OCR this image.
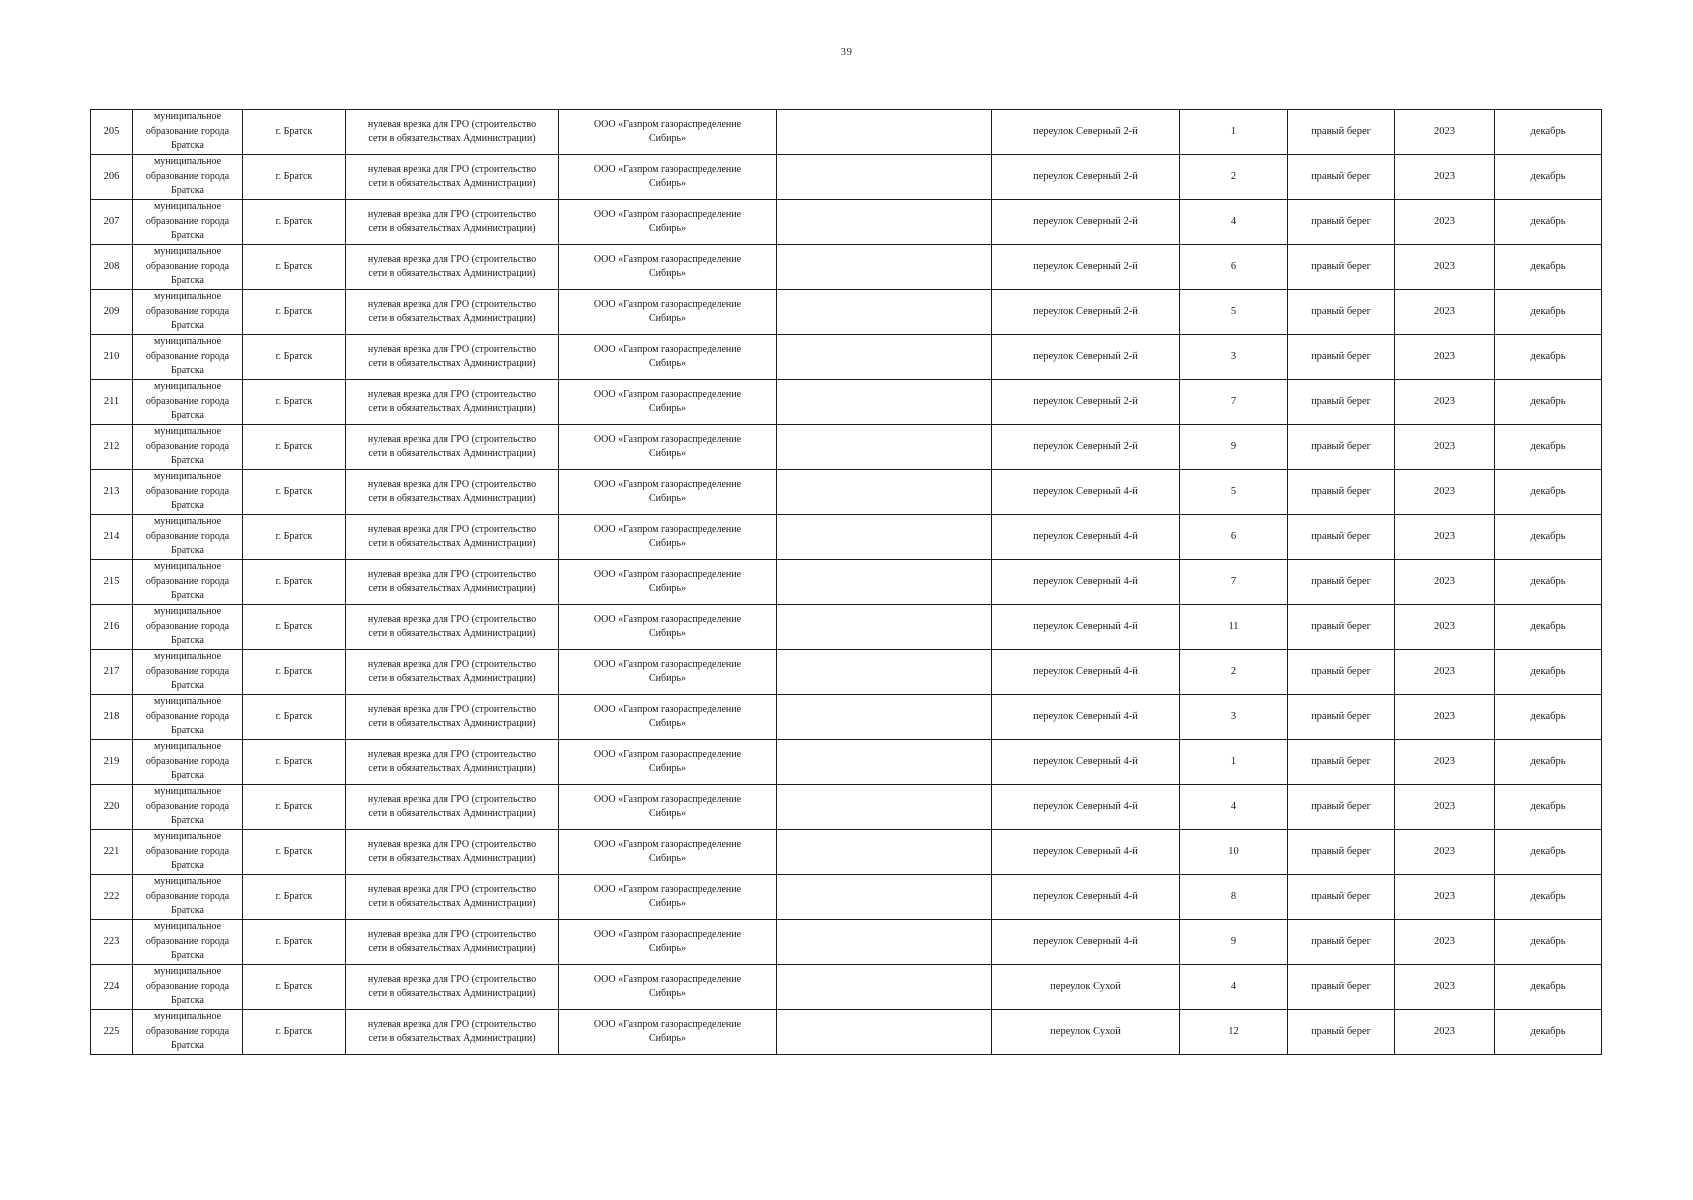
39
205	муниципальное
образование города
Братска	г. Братск	нулевая врезка для ГРО (строительство
сети в обязательствах Администрации)	ООО «Газпром газораспределение
Сибирь»		переулок Северный 2-й	1	правый берег	2023	декабрь
206	муниципальное
образование города
Братска	г. Братск	нулевая врезка для ГРО (строительство
сети в обязательствах Администрации)	ООО «Газпром газораспределение
Сибирь»		переулок Северный 2-й	2	правый берег	2023	декабрь
207	муниципальное
образование города
Братска	г. Братск	нулевая врезка для ГРО (строительство
сети в обязательствах Администрации)	ООО «Газпром газораспределение
Сибирь»		переулок Северный 2-й	4	правый берег	2023	декабрь
208	муниципальное
образование города
Братска	г. Братск	нулевая врезка для ГРО (строительство
сети в обязательствах Администрации)	ООО «Газпром газораспределение
Сибирь»		переулок Северный 2-й	6	правый берег	2023	декабрь
209	муниципальное
образование города
Братска	г. Братск	нулевая врезка для ГРО (строительство
сети в обязательствах Администрации)	ООО «Газпром газораспределение
Сибирь»		переулок Северный 2-й	5	правый берег	2023	декабрь
210	муниципальное
образование города
Братска	г. Братск	нулевая врезка для ГРО (строительство
сети в обязательствах Администрации)	ООО «Газпром газораспределение
Сибирь»		переулок Северный 2-й	3	правый берег	2023	декабрь
211	муниципальное
образование города
Братска	г. Братск	нулевая врезка для ГРО (строительство
сети в обязательствах Администрации)	ООО «Газпром газораспределение
Сибирь»		переулок Северный 2-й	7	правый берег	2023	декабрь
212	муниципальное
образование города
Братска	г. Братск	нулевая врезка для ГРО (строительство
сети в обязательствах Администрации)	ООО «Газпром газораспределение
Сибирь»		переулок Северный 2-й	9	правый берег	2023	декабрь
213	муниципальное
образование города
Братска	г. Братск	нулевая врезка для ГРО (строительство
сети в обязательствах Администрации)	ООО «Газпром газораспределение
Сибирь»		переулок Северный 4-й	5	правый берег	2023	декабрь
214	муниципальное
образование города
Братска	г. Братск	нулевая врезка для ГРО (строительство
сети в обязательствах Администрации)	ООО «Газпром газораспределение
Сибирь»		переулок Северный 4-й	6	правый берег	2023	декабрь
215	муниципальное
образование города
Братска	г. Братск	нулевая врезка для ГРО (строительство
сети в обязательствах Администрации)	ООО «Газпром газораспределение
Сибирь»		переулок Северный 4-й	7	правый берег	2023	декабрь
216	муниципальное
образование города
Братска	г. Братск	нулевая врезка для ГРО (строительство
сети в обязательствах Администрации)	ООО «Газпром газораспределение
Сибирь»		переулок Северный 4-й	11	правый берег	2023	декабрь
217	муниципальное
образование города
Братска	г. Братск	нулевая врезка для ГРО (строительство
сети в обязательствах Администрации)	ООО «Газпром газораспределение
Сибирь»		переулок Северный 4-й	2	правый берег	2023	декабрь
218	муниципальное
образование города
Братска	г. Братск	нулевая врезка для ГРО (строительство
сети в обязательствах Администрации)	ООО «Газпром газораспределение
Сибирь»		переулок Северный 4-й	3	правый берег	2023	декабрь
219	муниципальное
образование города
Братска	г. Братск	нулевая врезка для ГРО (строительство
сети в обязательствах Администрации)	ООО «Газпром газораспределение
Сибирь»		переулок Северный 4-й	1	правый берег	2023	декабрь
220	муниципальное
образование города
Братска	г. Братск	нулевая врезка для ГРО (строительство
сети в обязательствах Администрации)	ООО «Газпром газораспределение
Сибирь»		переулок Северный 4-й	4	правый берег	2023	декабрь
221	муниципальное
образование города
Братска	г. Братск	нулевая врезка для ГРО (строительство
сети в обязательствах Администрации)	ООО «Газпром газораспределение
Сибирь»		переулок Северный 4-й	10	правый берег	2023	декабрь
222	муниципальное
образование города
Братска	г. Братск	нулевая врезка для ГРО (строительство
сети в обязательствах Администрации)	ООО «Газпром газораспределение
Сибирь»		переулок Северный 4-й	8	правый берег	2023	декабрь
223	муниципальное
образование города
Братска	г. Братск	нулевая врезка для ГРО (строительство
сети в обязательствах Администрации)	ООО «Газпром газораспределение
Сибирь»		переулок Северный 4-й	9	правый берег	2023	декабрь
224	муниципальное
образование города
Братска	г. Братск	нулевая врезка для ГРО (строительство
сети в обязательствах Администрации)	ООО «Газпром газораспределение
Сибирь»		переулок Сухой	4	правый берег	2023	декабрь
225	муниципальное
образование города
Братска	г. Братск	нулевая врезка для ГРО (строительство
сети в обязательствах Администрации)	ООО «Газпром газораспределение
Сибирь»		переулок Сухой	12	правый берег	2023	декабрь
